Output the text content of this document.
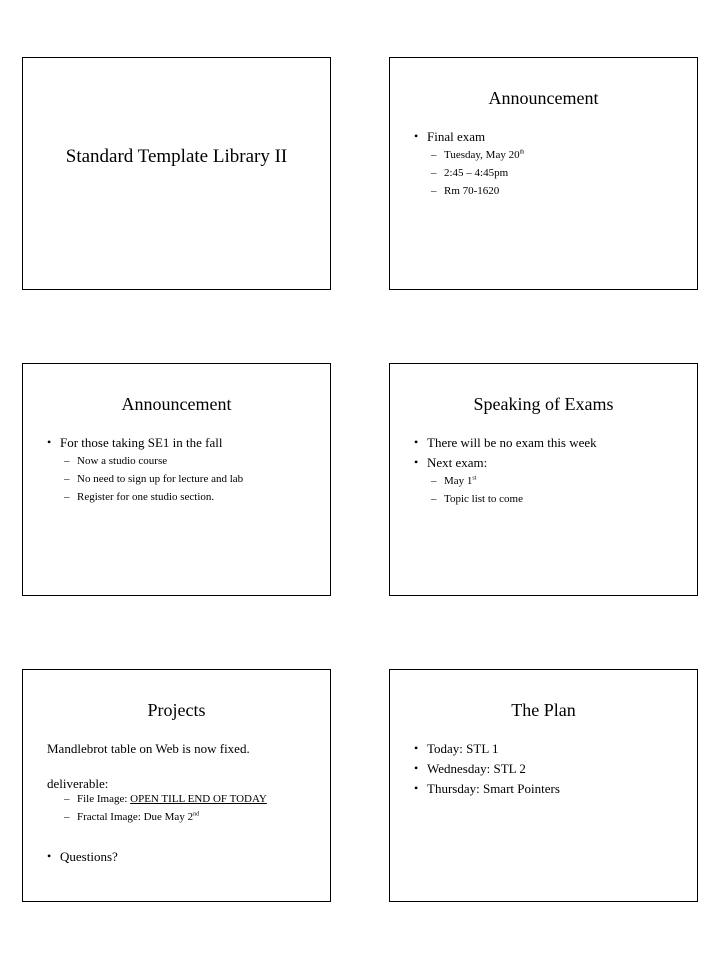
Standard Template Library II
Announcement
• Final exam
– Tuesday, May 20th
– 2:45 – 4:45pm
– Rm 70-1620
Announcement
• For those taking SE1 in the fall
– Now a studio course
– No need to sign up for lecture and lab
– Register for one studio section.
Speaking of Exams
• There will be no exam this week
• Next exam:
– May 1st
– Topic list to come
Projects
Mandlebrot table on Web is now fixed.
deliverable:
– File Image: OPEN TILL END OF TODAY
– Fractal Image: Due May 2nd
• Questions?
The Plan
• Today: STL 1
• Wednesday: STL 2
• Thursday: Smart Pointers
